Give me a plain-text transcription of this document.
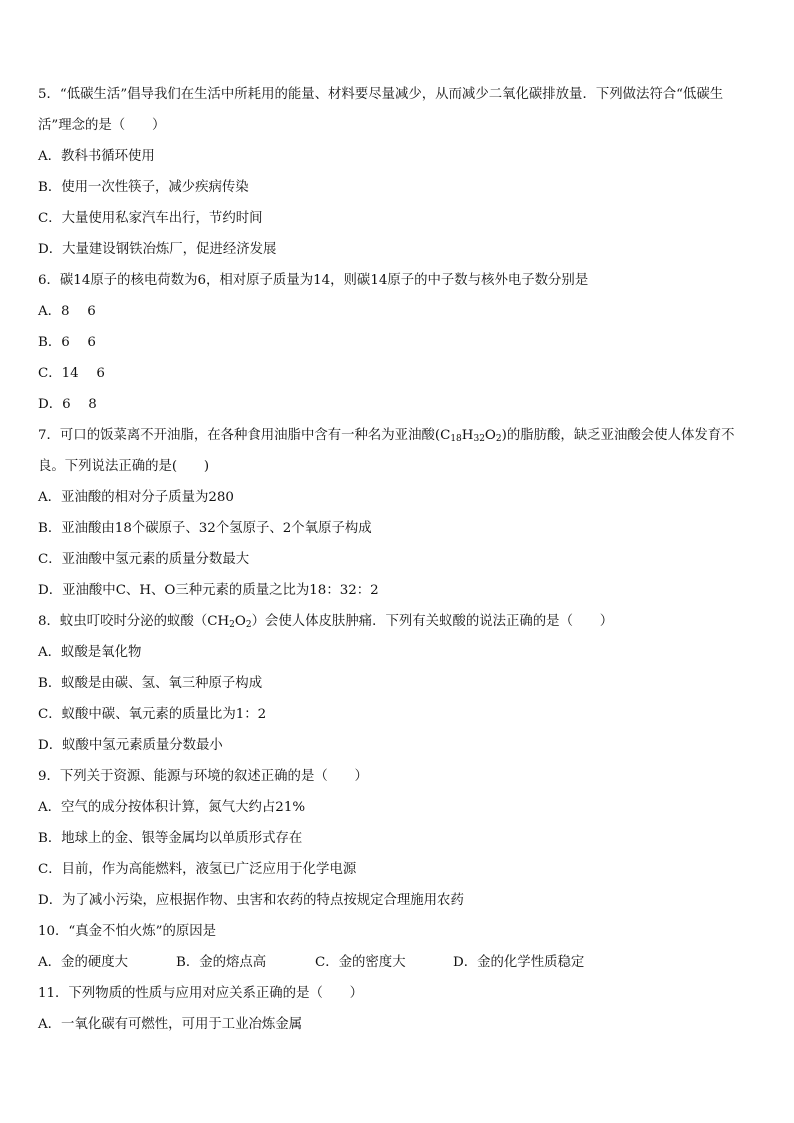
5．“低碳生活”倡导我们在生活中所耗用的能量、材料要尽量减少，从而减少二氧化碳排放量．下列做法符合“低碳生
活”理念的是（　　）
A．教科书循环使用
B．使用一次性筷子，减少疾病传染
C．大量使用私家汽车出行，节约时间
D．大量建设钢铁冶炼厂，促进经济发展
6．碳14原子的核电荷数为6，相对原子质量为14，则碳14原子的中子数与核外电子数分别是
A．8　 6
B．6　 6
C．14　 6
D．6　 8
7．可口的饭菜离不开油脂，在各种食用油脂中含有一种名为亚油酸$(C_{18}H_{32}O_2)$的脂肪酸，缺乏亚油酸会使人体发育不
良。下列说法正确的是(　　)
A．亚油酸的相对分子质量为280
B．亚油酸由18个碳原子、32个氢原子、2个氧原子构成
C．亚油酸中氢元素的质量分数最大
D．亚油酸中C、H、O三种元素的质量之比为18：32：2
8．蚊虫叮咬时分泌的蚁酸$(CH_2O_2)$会使人体皮肤肿痛．下列有关蚁酸的说法正确的是（　　）
A．蚁酸是氧化物
B．蚁酸是由碳、氢、氧三种原子构成
C．蚁酸中碳、氧元素的质量比为1：2
D．蚁酸中氢元素质量分数最小
9．下列关于资源、能源与环境的叙述正确的是（　　）
A．空气的成分按体积计算，氮气大约占21%
B．地球上的金、银等金属均以单质形式存在
C．目前，作为高能燃料，液氢已广泛应用于化学电源
D．为了减小污染，应根据作物、虫害和农药的特点按规定合理施用农药
10．“真金不怕火炼”的原因是
A．金的硬度大	B．金的熔点高	C．金的密度大	D．金的化学性质稳定
11．下列物质的性质与应用对应关系正确的是（　　）
A．一氧化碳有可燃性，可用于工业冶炼金属
